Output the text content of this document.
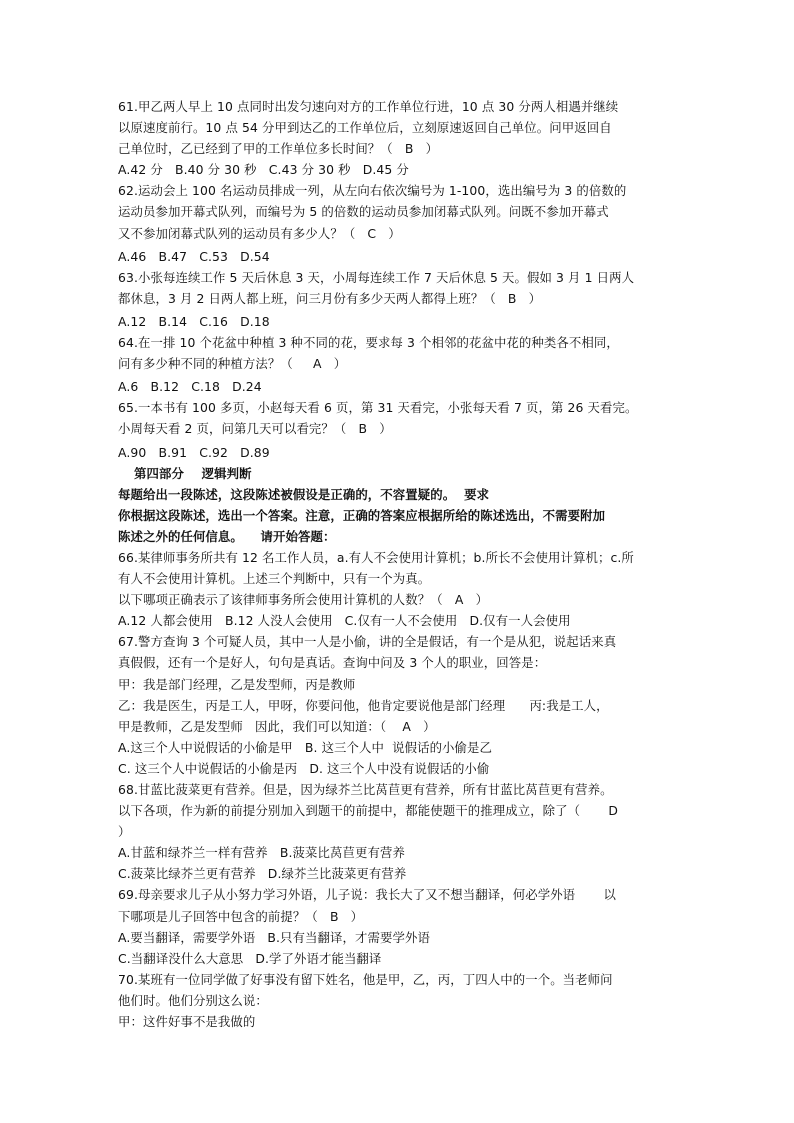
61.甲乙两人早上 10 点同时出发匀速向对方的工作单位行进，10 点 30 分两人相遇并继续
以原速度前行。10 点 54 分甲到达乙的工作单位后，立刻原速返回自己单位。问甲返回自
己单位时，乙已经到了甲的工作单位多长时间？（   B   ）
A.42 分   B.40 分 30 秒   C.43 分 30 秒   D.45 分
62.运动会上 100 名运动员排成一列，从左向右依次编号为 1-100，选出编号为 3 的倍数的
运动员参加开幕式队列，而编号为 5 的倍数的运动员参加闭幕式队列。问既不参加开幕式
又不参加闭幕式队列的运动员有多少人？（   C   ）
A.46   B.47   C.53   D.54
63.小张每连续工作 5 天后休息 3 天，小周每连续工作 7 天后休息 5 天。假如 3 月 1 日两人
都休息，3 月 2 日两人都上班，问三月份有多少天两人都得上班？（   B   ）
A.12   B.14   C.16   D.18
64.在一排 10 个花盆中种植 3 种不同的花，要求每 3 个相邻的花盆中花的种类各不相同，
问有多少种不同的种植方法？（     A   ）
A.6   B.12   C.18   D.24
65.一本书有 100 多页，小赵每天看 6 页，第 31 天看完，小张每天看 7 页，第 26 天看完。
小周每天看 2 页，问第几天可以看完？（   B   ）
A.90   B.91   C.92   D.89
第四部分    逻辑判断
每题给出一段陈述，这段陈述被假设是正确的，不容置疑的。  要求
你根据这段陈述，选出一个答案。注意，正确的答案应根据所给的陈述选出，不需要附加
陈述之外的任何信息。    请开始答题：
66.某律师事务所共有 12 名工作人员，a.有人不会使用计算机；b.所长不会使用计算机；c.所
有人不会使用计算机。上述三个判断中，只有一个为真。
以下哪项正确表示了该律师事务所会使用计算机的人数？（   A   ）
A.12 人都会使用   B.12 人没人会使用   C.仅有一人不会使用   D.仅有一人会使用
67.警方查询 3 个可疑人员，其中一人是小偷，讲的全是假话，有一个是从犯，说起话来真
真假假，还有一个是好人，句句是真话。查询中问及 3 个人的职业，回答是：
甲：我是部门经理，乙是发型师，丙是教师
乙：我是医生，丙是工人，甲呀，你要问他，他肯定要说他是部门经理      丙:我是工人，
甲是教师，乙是发型师   因此，我们可以知道：（    A   ）
A.这三个人中说假话的小偷是甲   B. 这三个人中  说假话的小偷是乙
C. 这三个人中说假话的小偷是丙   D. 这三个人中没有说假话的小偷
68.甘蓝比菠菜更有营养。但是，因为绿芥兰比莴苣更有营养，所有甘蓝比莴苣更有营养。
以下各项，作为新的前提分别加入到题干的前提中，都能使题干的推理成立，除了（       D
）
A.甘蓝和绿芥兰一样有营养   B.菠菜比莴苣更有营养
C.菠菜比绿芥兰更有营养   D.绿芥兰比菠菜更有营养
69.母亲要求儿子从小努力学习外语，儿子说：我长大了又不想当翻译，何必学外语       以
下哪项是儿子回答中包含的前提？（   B   ）
A.要当翻译，需要学外语   B.只有当翻译，才需要学外语
C.当翻译没什么大意思   D.学了外语才能当翻译
70.某班有一位同学做了好事没有留下姓名，他是甲，乙，丙，丁四人中的一个。当老师问
他们时。他们分别这么说：
甲：这件好事不是我做的
